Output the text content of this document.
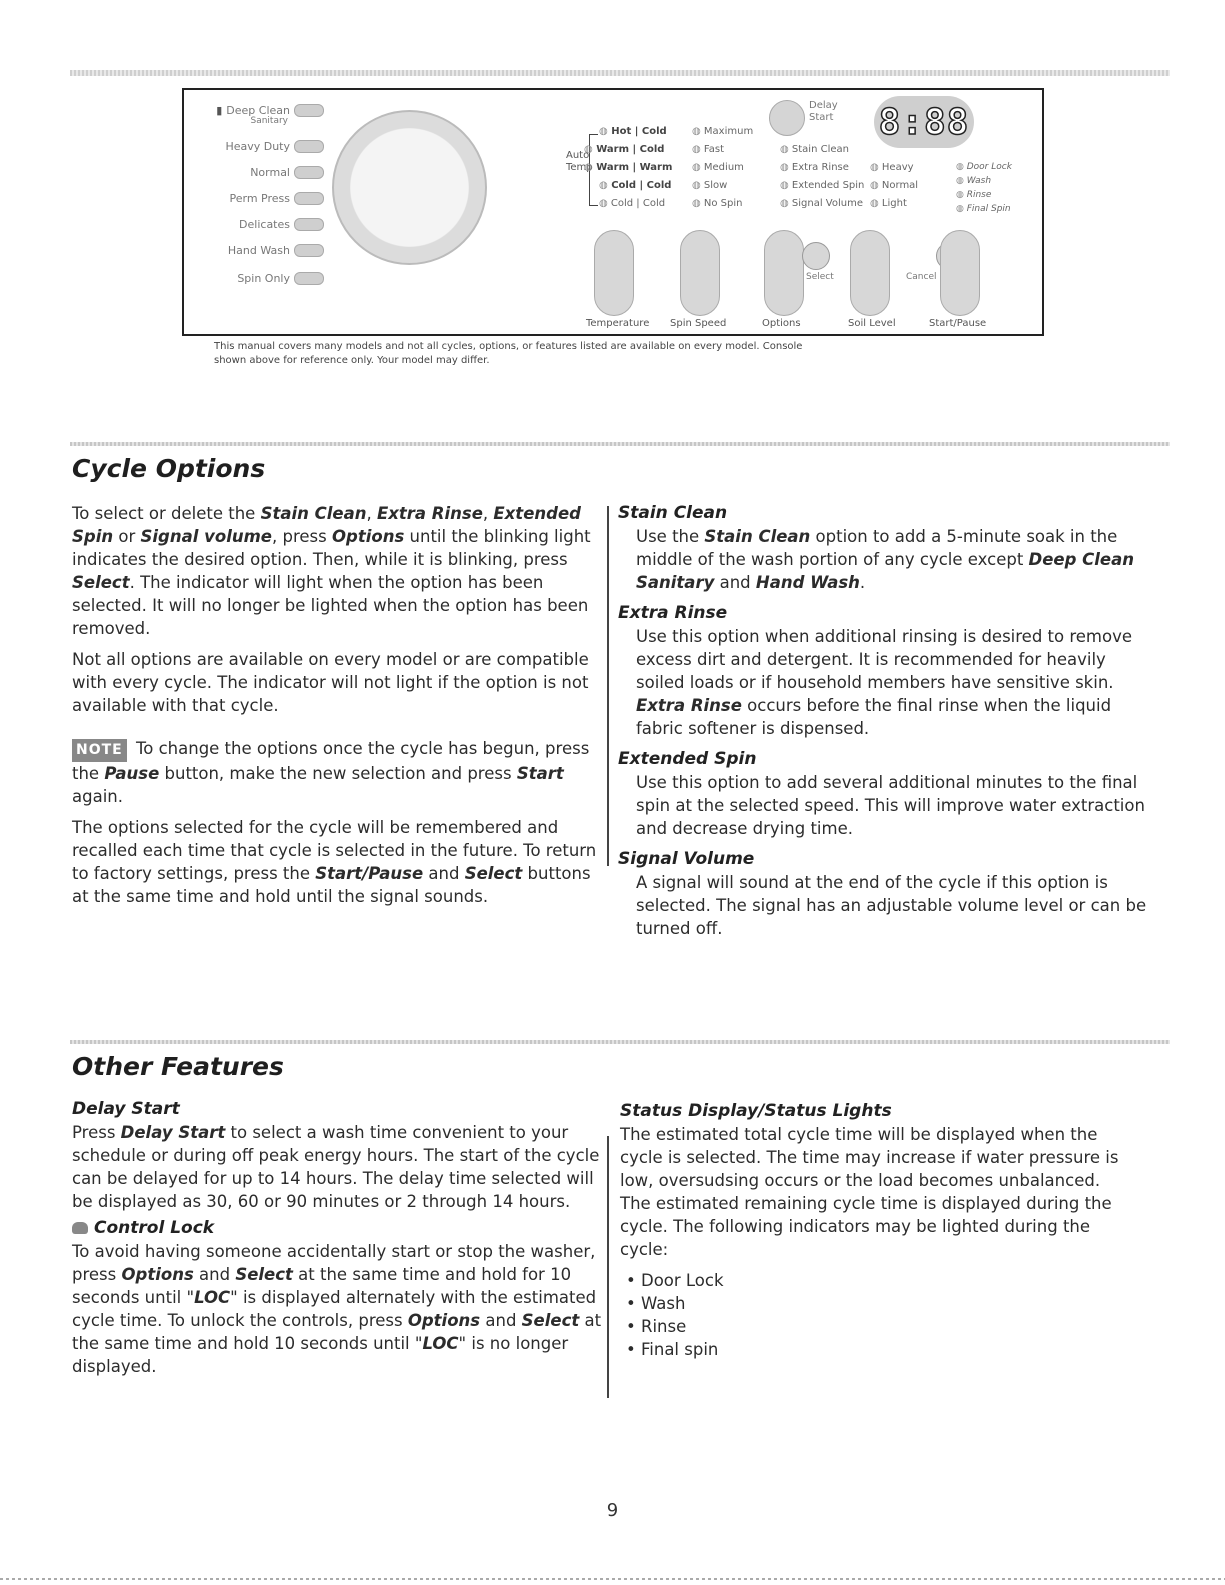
▮ Deep Clean
Sanitary
Heavy Duty
Normal
Perm Press
Delicates
Hand Wash
Spin Only
Auto
Temp
◍ Hot | Cold
◍ Warm | Cold
◍ Warm | Warm
◍ Cold | Cold
◍ Cold | Cold
◍ Maximum
◍ Fast
◍ Medium
◍ Slow
◍ No Spin
Delay
Start 8:88
◍ Stain Clean
◍ Extra Rinse
◍ Extended Spin
◍ Signal Volume
◍ Heavy
◍ Normal
◍ Light
◍ Door Lock
◍ Wash
◍ Rinse
◍ Final Spin
Select	Cancel
Temperature Spin Speed	Options	Soil Level	Start/Pause
This manual covers many models and not all cycles, options, or features listed are available on every model. Console shown above for reference only. Your model may differ.
Cycle Options

To select or delete the Stain Clean, Extra Rinse, Extended Spin or Signal volume, press Options until the blinking light indicates the desired option. Then, while it is blinking, press Select. The indicator will light when the option has been selected. It will no longer be lighted when the option has been removed.

Not all options are available on every model or are compatible with every cycle. The indicator will not light if the option is not available with that cycle.

NOTE To change the options once the cycle has begun, press the Pause button, make the new selection and press Start again.

The options selected for the cycle will be remembered and recalled each time that cycle is selected in the future. To return to factory settings, press the Start/Pause and Select buttons at the same time and hold until the signal sounds.

Stain Clean

Use the Stain Clean option to add a 5-minute soak in the middle of the wash portion of any cycle except Deep Clean Sanitary and Hand Wash.

Extra Rinse

Use this option when additional rinsing is desired to remove excess dirt and detergent. It is recommended for heavily soiled loads or if household members have sensitive skin. Extra Rinse occurs before the final rinse when the liquid fabric softener is dispensed.

Extended Spin

Use this option to add several additional minutes to the final spin at the selected speed. This will improve water extraction and decrease drying time.

Signal Volume

A signal will sound at the end of the cycle if this option is selected. The signal has an adjustable volume level or can be turned off.

Other Features
Delay Start

Press Delay Start to select a wash time convenient to your schedule or during off peak energy hours. The start of the cycle can be delayed for up to 14 hours. The delay time selected will be displayed as 30, 60 or 90 minutes or 2 through 14 hours.

Control Lock

To avoid having someone accidentally start or stop the washer, press Options and Select at the same time and hold for 10 seconds until "LOC" is displayed alternately with the estimated cycle time. To unlock the controls, press Options and Select at the same time and hold 10 seconds until "LOC" is no longer displayed.

Status Display/Status Lights

The estimated total cycle time will be displayed when the cycle is selected. The time may increase if water pressure is low, oversudsing occurs or the load becomes unbalanced. The estimated remaining cycle time is displayed during the cycle. The following indicators may be lighted during the cycle:

• Door Lock
• Wash
• Rinse
• Final spin
9
